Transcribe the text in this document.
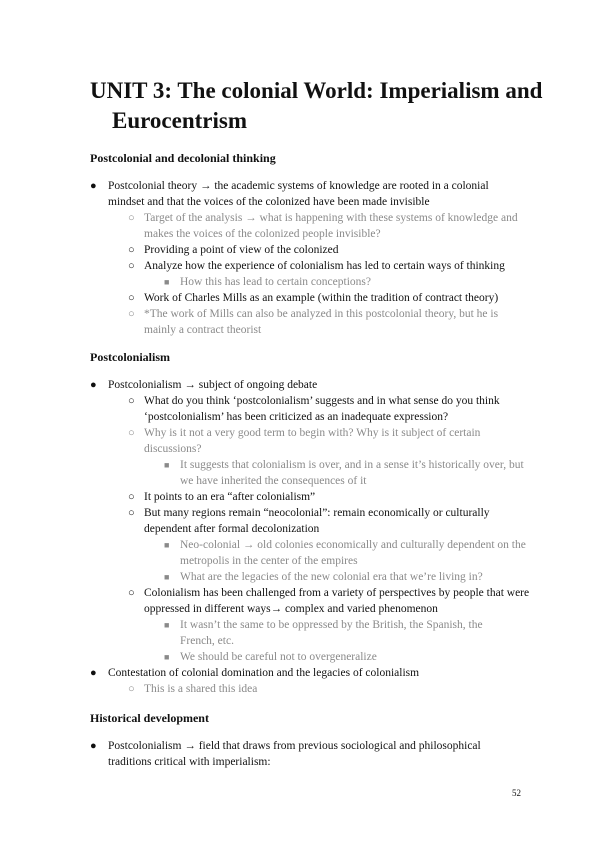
UNIT 3: The colonial World: Imperialism and Eurocentrism
Postcolonial and decolonial thinking
● Postcolonial theory → the academic systems of knowledge are rooted in a colonial mindset and that the voices of the colonized have been made invisible
○ Target of the analysis → what is happening with these systems of knowledge and makes the voices of the colonized people invisible?
○ Providing a point of view of the colonized
○ Analyze how the experience of colonialism has led to certain ways of thinking
■ How this has lead to certain conceptions?
○ Work of Charles Mills as an example (within the tradition of contract theory)
○ *The work of Mills can also be analyzed in this postcolonial theory, but he is mainly a contract theorist
Postcolonialism
● Postcolonialism → subject of ongoing debate
○ What do you think ‘postcolonialism’ suggests and in what sense do you think ‘postcolonialism’ has been criticized as an inadequate expression?
○ Why is it not a very good term to begin with? Why is it subject of certain discussions?
■ It suggests that colonialism is over, and in a sense it’s historically over, but we have inherited the consequences of it
○ It points to an era “after colonialism”
○ But many regions remain “neocolonial”: remain economically or culturally dependent after formal decolonization
■ Neo-colonial → old colonies economically and culturally dependent on the metropolis in the center of the empires
■ What are the legacies of the new colonial era that we’re living in?
○ Colonialism has been challenged from a variety of perspectives by people that were oppressed in different ways→ complex and varied phenomenon
■ It wasn’t the same to be oppressed by the British, the Spanish, the French, etc.
■ We should be careful not to overgeneralize
● Contestation of colonial domination and the legacies of colonialism
○ This is a shared this idea
Historical development
● Postcolonialism → field that draws from previous sociological and philosophical traditions critical with imperialism:
52
